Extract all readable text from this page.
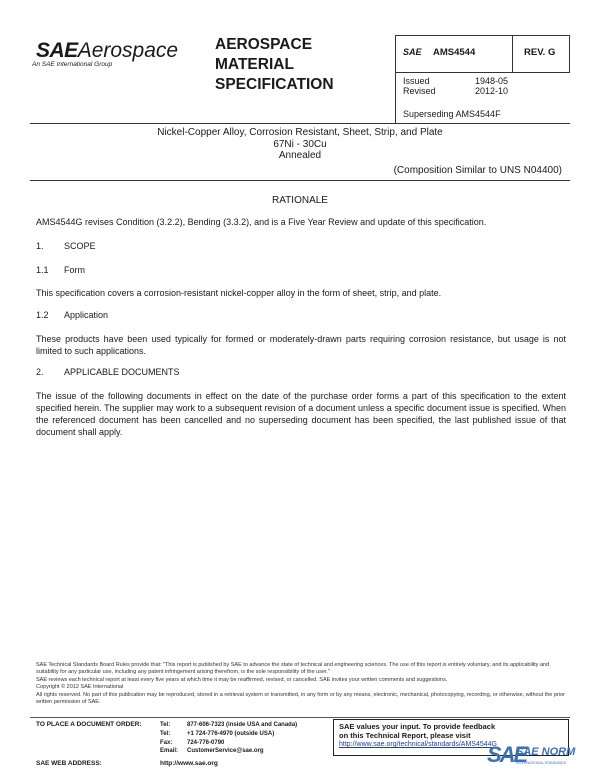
SAEAerospace
An SAE International Group
AEROSPACE
MATERIAL
SPECIFICATION
SAE AMS4544	REV. G
Issued	1948-05
Revised	2012-10
Superseding AMS4544F
Nickel-Copper Alloy, Corrosion Resistant, Sheet, Strip, and Plate
67Ni - 30Cu
Annealed
(Composition Similar to UNS N04400)
RATIONALE
AMS4544G revises Condition (3.2.2), Bending (3.3.2), and is a Five Year Review and update of this specification.
1. SCOPE
1.1 Form
This specification covers a corrosion-resistant nickel-copper alloy in the form of sheet, strip, and plate.
1.2 Application
These products have been used typically for formed or moderately-drawn parts requiring corrosion resistance, but usage is not limited to such applications.
2. APPLICABLE DOCUMENTS
The issue of the following documents in effect on the date of the purchase order forms a part of this specification to the extent specified herein. The supplier may work to a subsequent revision of a document unless a specific document issue is specified. When the referenced document has been cancelled and no superseding document has been specified, the last published issue of that document shall apply.
SAE Technical Standards Board Rules provide that: "This report is published by SAE to advance the state of technical and engineering sciences. The use of this report is entirely voluntary, and its applicability and suitability for any particular use, including any patent infringement arising therefrom, is the sole responsibility of the user."
SAE reviews each technical report at least every five years at which time it may be reaffirmed, revised, or cancelled. SAE invites your written comments and suggestions.
Copyright © 2012 SAE International
All rights reserved. No part of this publication may be reproduced, stored in a retrieval system or transmitted, in any form or by any means, electronic, mechanical, photocopying, recording, or otherwise, without the prior written permission of SAE.
TO PLACE A DOCUMENT ORDER:	Tel:	877-606-7323 (inside USA and Canada)
Tel:	+1 724-776-4970 (outside USA)
Fax: 724-776-0790
Email: CustomerService@sae.org
SAE WEB ADDRESS:	http://www.sae.org
SAE values your input. To provide feedback
on this Technical Report, please visit
http://www.sae.org/technical/standards/AMS4544G
SAE
SAE NORM
INTERNATIONAL STANDARDS
